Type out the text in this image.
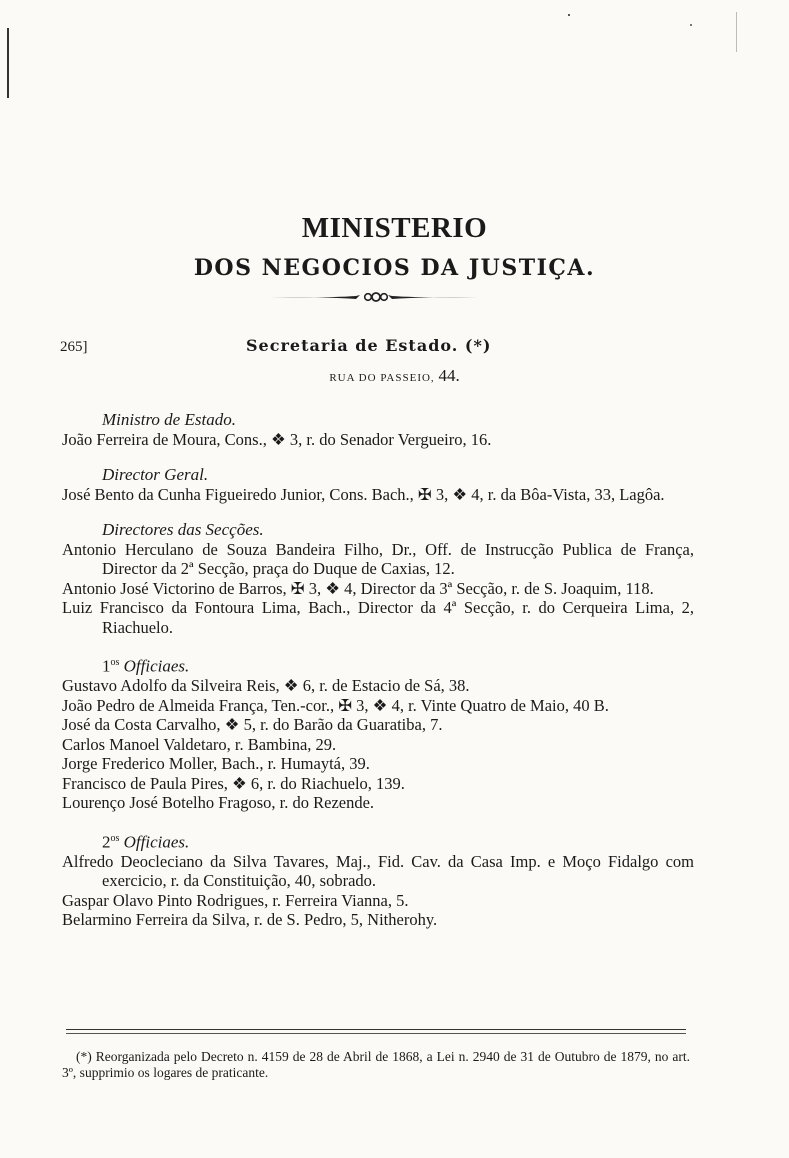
MINISTERIO
DOS NEGOCIOS DA JUSTIÇA.
265]	Secretaria de Estado. (*)
RUA DO PASSEIO, 44.
Ministro de Estado.
João Ferreira de Moura, Cons., ❖ 3, r. do Senador Vergueiro, 16.
Director Geral.
José Bento da Cunha Figueiredo Junior, Cons. Bach., ✠ 3, ❖ 4, r. da Bôa-Vista, 33, Lagôa.
Directores das Secções.
Antonio Herculano de Souza Bandeira Filho, Dr., Off. de Instrucção Publica de França, Director da 2ª Secção, praça do Duque de Caxias, 12.
Antonio José Victorino de Barros, ✠ 3, ❖ 4, Director da 3ª Secção, r. de S. Joaquim, 118.
Luiz Francisco da Fontoura Lima, Bach., Director da 4ª Secção, r. do Cerqueira Lima, 2, Riachuelo.
$1^{os}$ Officiaes.
Gustavo Adolfo da Silveira Reis, ❖ 6, r. de Estacio de Sá, 38.
João Pedro de Almeida França, Ten.-cor., ✠ 3, ❖ 4, r. Vinte Quatro de Maio, 40 B.
José da Costa Carvalho, ❖ 5, r. do Barão da Guaratiba, 7.
Carlos Manoel Valdetaro, r. Bambina, 29.
Jorge Frederico Moller, Bach., r. Humaytá, 39.
Francisco de Paula Pires, ❖ 6, r. do Riachuelo, 139.
Lourenço José Botelho Fragoso, r. do Rezende.
$2^{os}$ Officiaes.
Alfredo Deocleciano da Silva Tavares, Maj., Fid. Cav. da Casa Imp. e Moço Fidalgo com exercicio, r. da Constituição, 40, sobrado.
Gaspar Olavo Pinto Rodrigues, r. Ferreira Vianna, 5.
Belarmino Ferreira da Silva, r. de S. Pedro, 5, Nitherohy.
(*) Reorganizada pelo Decreto n. 4159 de 28 de Abril de 1868, a Lei n. 2940 de 31 de Outubro de 1879, no art. 3º, supprimio os logares de praticante.
